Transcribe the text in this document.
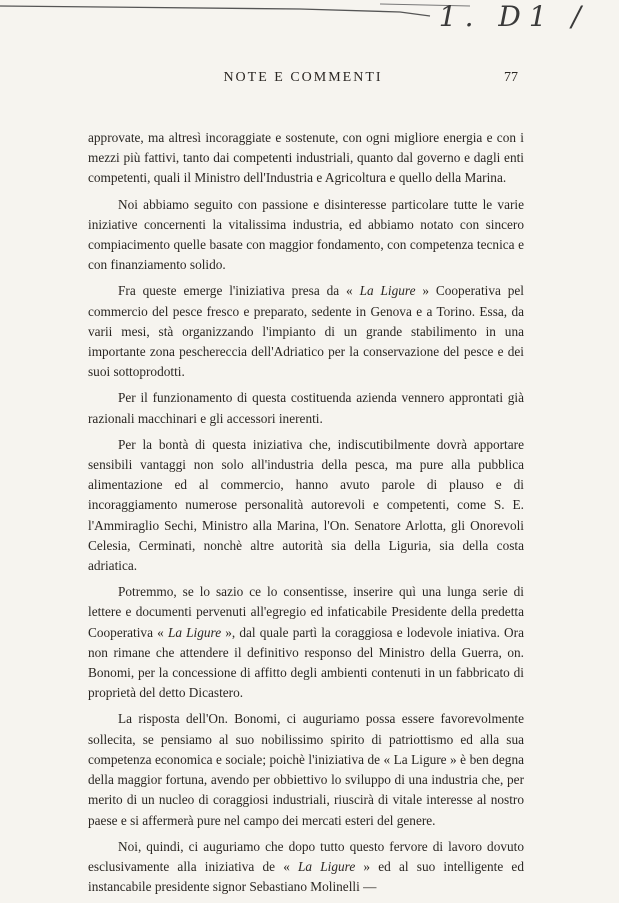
1. D1 /
NOTE E COMMENTI	77

approvate, ma altresì incoraggiate e sostenute, con ogni migliore energia e con i mezzi più fattivi, tanto dai competenti industriali, quanto dal governo e dagli enti competenti, quali il Ministro dell'Industria e Agricoltura e quello della Marina.

Noi abbiamo seguito con passione e disinteresse particolare tutte le varie iniziative concernenti la vitalissima industria, ed abbiamo notato con sincero compiacimento quelle basate con maggior fondamento, con competenza tecnica e con finanziamento solido.

Fra queste emerge l'iniziativa presa da « La Ligure » Cooperativa pel commercio del pesce fresco e preparato, sedente in Genova e a Torino. Essa, da varii mesi, stà organizzando l'impianto di un grande stabilimento in una importante zona peschereccia dell'Adriatico per la conservazione del pesce e dei suoi sottoprodotti.

Per il funzionamento di questa costituenda azienda vennero approntati già razionali macchinari e gli accessori inerenti.

Per la bontà di questa iniziativa che, indiscutibilmente dovrà apportare sensibili vantaggi non solo all'industria della pesca, ma pure alla pubblica alimentazione ed al commercio, hanno avuto parole di plauso e di incoraggiamento numerose personalità autorevoli e competenti, come S. E. l'Ammiraglio Sechi, Ministro alla Marina, l'On. Senatore Arlotta, gli Onorevoli Celesia, Cerminati, nonchè altre autorità sia della Liguria, sia della costa adriatica.

Potremmo, se lo sazio ce lo consentisse, inserire quì una lunga serie di lettere e documenti pervenuti all'egregio ed infaticabile Presidente della predetta Cooperativa « La Ligure », dal quale partì la coraggiosa e lodevole iniativa. Ora non rimane che attendere il definitivo responso del Ministro della Guerra, on. Bonomi, per la concessione di affitto degli ambienti contenuti in un fabbricato di proprietà del detto Dicastero.

La risposta dell'On. Bonomi, ci auguriamo possa essere favorevolmente sollecita, se pensiamo al suo nobilissimo spirito di patriottismo ed alla sua competenza economica e sociale; poichè l'iniziativa de « La Ligure » è ben degna della maggior fortuna, avendo per obbiettivo lo sviluppo di una industria che, per merito di un nucleo di coraggiosi industriali, riuscirà di vitale interesse al nostro paese e si affermerà pure nel campo dei mercati esteri del genere.

Noi, quindi, ci auguriamo che dopo tutto questo fervore di lavoro dovuto esclusivamente alla iniziativa de « La Ligure » ed al suo intelligente ed instancabile presidente signor Sebastiano Molinelli —
